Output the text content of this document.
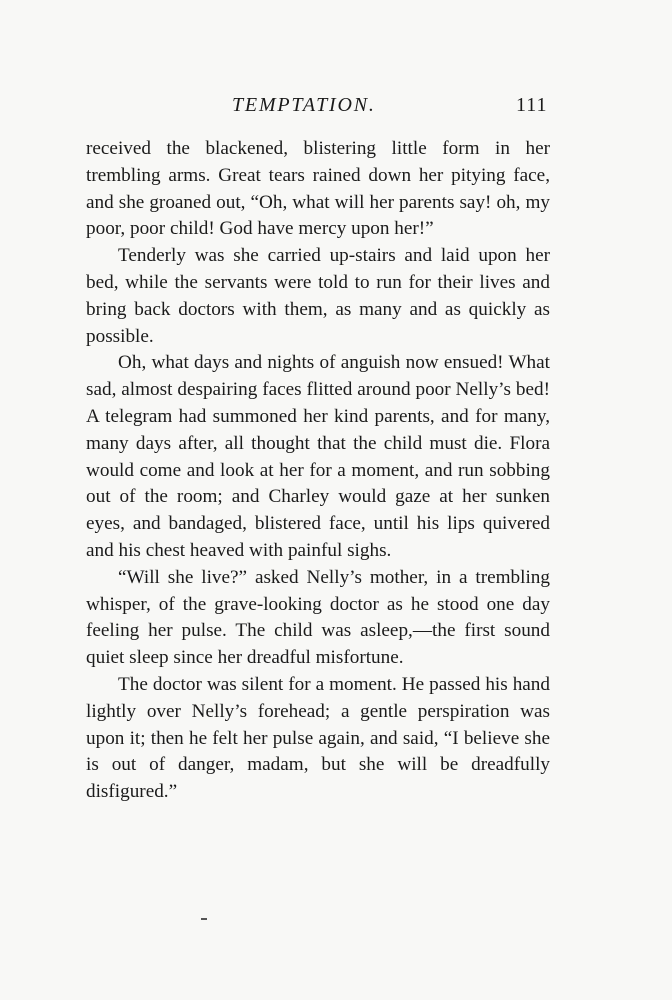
TEMPTATION.	111

received the blackened, blistering little form in her trembling arms. Great tears rained down her pitying face, and she groaned out, “Oh, what will her parents say! oh, my poor, poor child! God have mercy upon her!”

Tenderly was she carried up-stairs and laid upon her bed, while the servants were told to run for their lives and bring back doctors with them, as many and as quickly as possible.

Oh, what days and nights of anguish now ensued! What sad, almost despairing faces flitted around poor Nelly’s bed! A telegram had summoned her kind parents, and for many, many days after, all thought that the child must die. Flora would come and look at her for a moment, and run sobbing out of the room; and Charley would gaze at her sunken eyes, and bandaged, blistered face, until his lips quivered and his chest heaved with painful sighs.

“Will she live?” asked Nelly’s mother, in a trembling whisper, of the grave-looking doctor as he stood one day feeling her pulse. The child was asleep,—the first sound quiet sleep since her dreadful misfortune.

The doctor was silent for a moment. He passed his hand lightly over Nelly’s forehead; a gentle perspiration was upon it; then he felt her pulse again, and said, “I believe she is out of danger, madam, but she will be dreadfully disfigured.”
